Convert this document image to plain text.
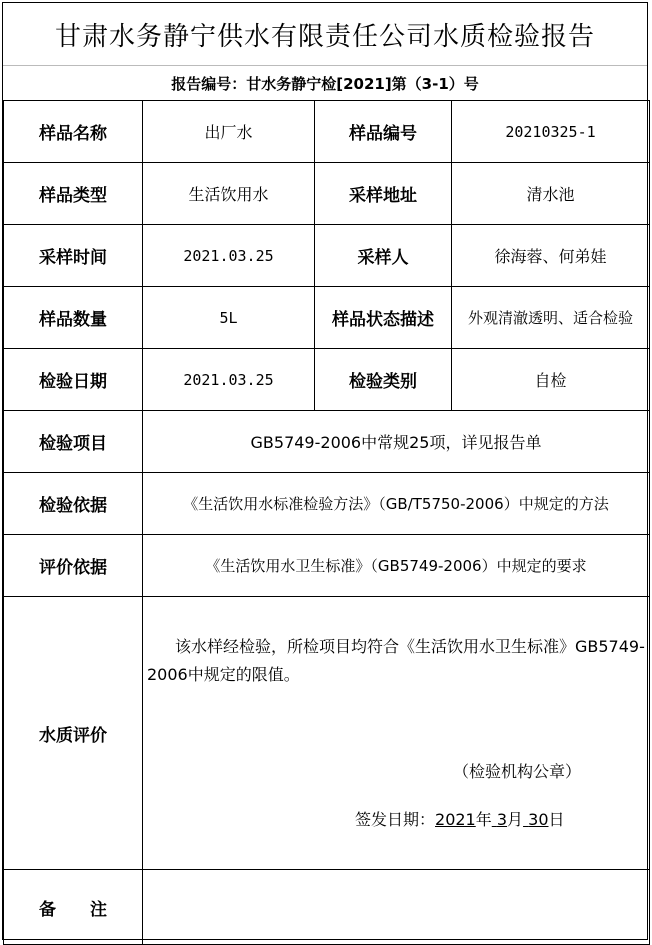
甘肃水务静宁供水有限责任公司水质检验报告
报告编号：甘水务静宁检[2021]第（3-1）号
样品名称	出厂水	样品编号	20210325-1
样品类型	生活饮用水	采样地址	清水池
采样时间	2021.03.25	采样人	徐海蓉、何弟娃
样品数量	5L	样品状态描述	外观清澈透明、适合检验
检验日期	2021.03.25	检验类别	自检
检验项目	GB5749-2006中常规25项，详见报告单		
检验依据	《生活饮用水标准检验方法》（GB/T5750-2006）中规定的方法		
评价依据	《生活饮用水卫生标准》（GB5749-2006）中规定的要求		
水质评价	该水样经检验，所检项目均符合《生活饮用水卫生标准》GB5749-2006中规定的限值。
（检验机构公章）
签发日期：2021年 3月 30日		

备　　注			
